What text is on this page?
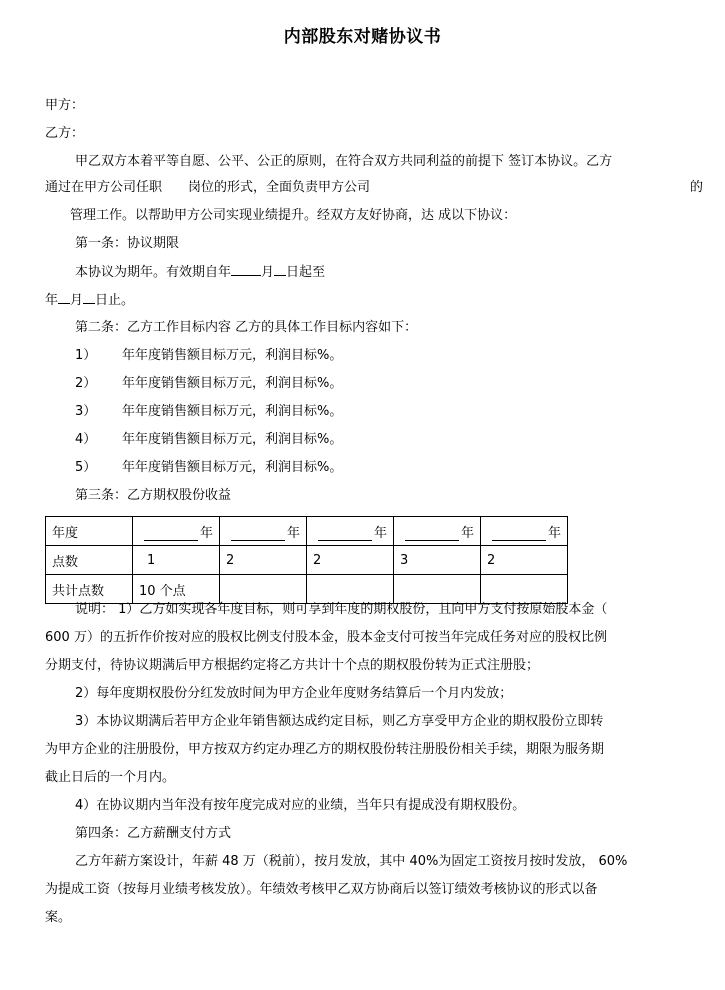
内部股东对赌协议书
甲方：
乙方：
甲乙双方本着平等自愿、公平、公正的原则，在符合双方共同利益的前提下 签订本协议。乙方
通过在甲方公司任职 岗位的形式，全面负责甲方公司	的
管理工作。以帮助甲方公司实现业绩提升。经双方友好协商，达 成以下协议：
第一条：协议期限
本协议为期年。有效期自年 月 日起至
年 月 日止。
第二条：乙方工作目标内容 乙方的具体工作目标内容如下：
1） 年年度销售额目标万元，利润目标%。
2） 年年度销售额目标万元，利润目标%。
3） 年年度销售额目标万元，利润目标%。
4） 年年度销售额目标万元，利润目标%。
5） 年年度销售额目标万元，利润目标%。
第三条：乙方期权股份收益
年度	年	年	年	年	年

点数	1	2	2	3	2
共计点数	10 个点				
说明： 1）乙方如实现各年度目标，则可享到年度的期权股份，且向甲方支付按原始股本金（
600 万）的五折作价按对应的股权比例支付股本金，股本金支付可按当年完成任务对应的股权比例
分期支付，待协议期满后甲方根据约定将乙方共计十个点的期权股份转为正式注册股；
2）每年度期权股份分红发放时间为甲方企业年度财务结算后一个月内发放；
3）本协议期满后若甲方企业年销售额达成约定目标，则乙方享受甲方企业的期权股份立即转
为甲方企业的注册股份，甲方按双方约定办理乙方的期权股份转注册股份相关手续，期限为服务期
截止日后的一个月内。
4）在协议期内当年没有按年度完成对应的业绩，当年只有提成没有期权股份。
第四条：乙方薪酬支付方式
乙方年薪方案设计，年薪 48 万（税前），按月发放，其中 40%为固定工资按月按时发放， 60%
为提成工资（按每月业绩考核发放）。年绩效考核甲乙双方协商后以签订绩效考核协议的形式以备
案。
